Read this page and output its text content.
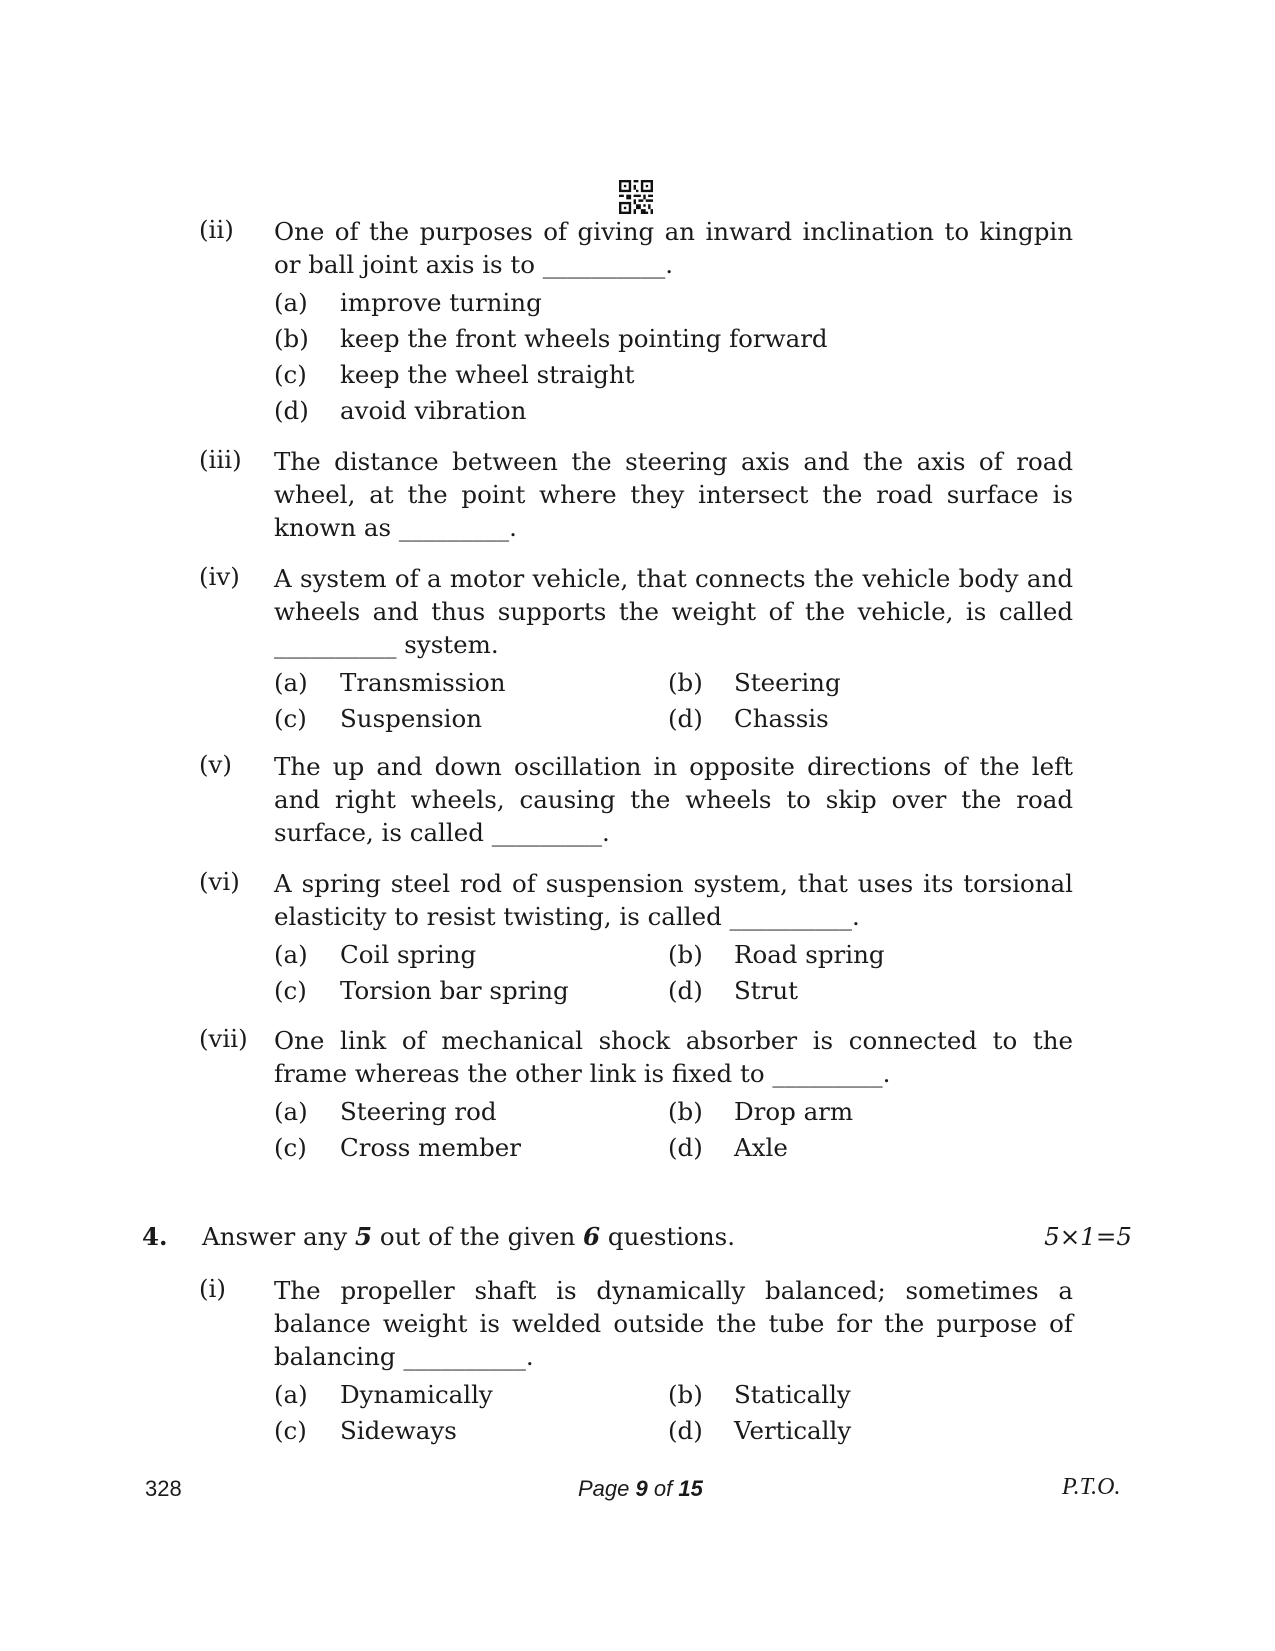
(ii) One of the purposes of giving an inward inclination to kingpin or ball joint axis is to __________.
(a)	improve turning
(b)	keep the front wheels pointing forward
(c)	keep the wheel straight
(d)	avoid vibration
(iii) The distance between the steering axis and the axis of road wheel, at the point where they intersect the road surface is known as _________.
(iv) A system of a motor vehicle, that connects the vehicle body and wheels and thus supports the weight of the vehicle, is called __________ system.
(a)	Transmission	(b)	Steering
(c)	Suspension	(d)	Chassis
(v) The up and down oscillation in opposite directions of the left and right wheels, causing the wheels to skip over the road surface, is called _________.
(vi) A spring steel rod of suspension system, that uses its torsional elasticity to resist twisting, is called __________.
(a)	Coil spring	(b)	Road spring
(c)	Torsion bar spring	(d)	Strut
(vii) One link of mechanical shock absorber is connected to the frame whereas the other link is fixed to _________.
(a)	Steering rod	(b)	Drop arm
(c)	Cross member	(d)	Axle
4.	Answer any 5 out of the given 6 questions.	5×1=5
(i) The propeller shaft is dynamically balanced; sometimes a balance weight is welded outside the tube for the purpose of balancing __________.
(a)	Dynamically	(b)	Statically
(c)	Sideways	(d)	Vertically
328	Page 9 of 15	P.T.O.
